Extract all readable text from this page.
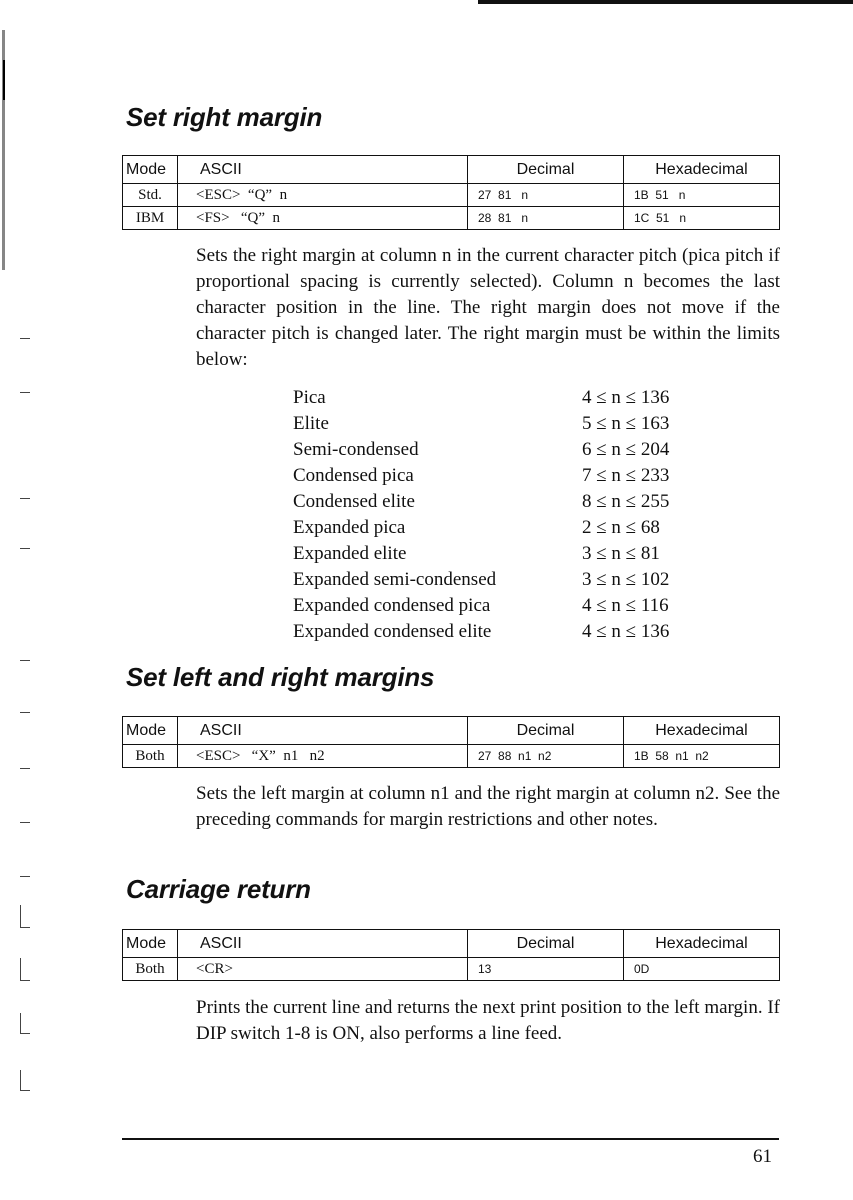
Set right margin
Mode	ASCII	Decimal	Hexadecimal
Std.	<ESC>  “Q”  n	27  81   n	1B  51   n
IBM	<FS>   “Q”  n	28  81   n	1C  51   n

Sets the right margin at column n in the current character pitch (pica pitch if proportional spacing is currently selected). Column n becomes the last character position in the line. The right margin does not move if the character pitch is changed later. The right margin must be within the limits below:

Pica	4 ≤ n ≤ 136
Elite	5 ≤ n ≤ 163
Semi-condensed	6 ≤ n ≤ 204
Condensed pica	7 ≤ n ≤ 233
Condensed elite	8 ≤ n ≤ 255
Expanded pica	2 ≤ n ≤ 68
Expanded elite	3 ≤ n ≤ 81
Expanded semi-condensed	3 ≤ n ≤ 102
Expanded condensed pica	4 ≤ n ≤ 116
Expanded condensed elite	4 ≤ n ≤ 136
Set left and right margins
Mode	ASCII	Decimal	Hexadecimal
Both	<ESC>   “X”  n1   n2	27  88  n1  n2	1B  58  n1  n2

Sets the left margin at column n1 and the right margin at column n2. See the preceding commands for margin restrictions and other notes.

Carriage return
Mode	ASCII	Decimal	Hexadecimal
Both	<CR>	13	0D

Prints the current line and returns the next print position to the left margin. If DIP switch 1-8 is ON, also performs a line feed.

61
